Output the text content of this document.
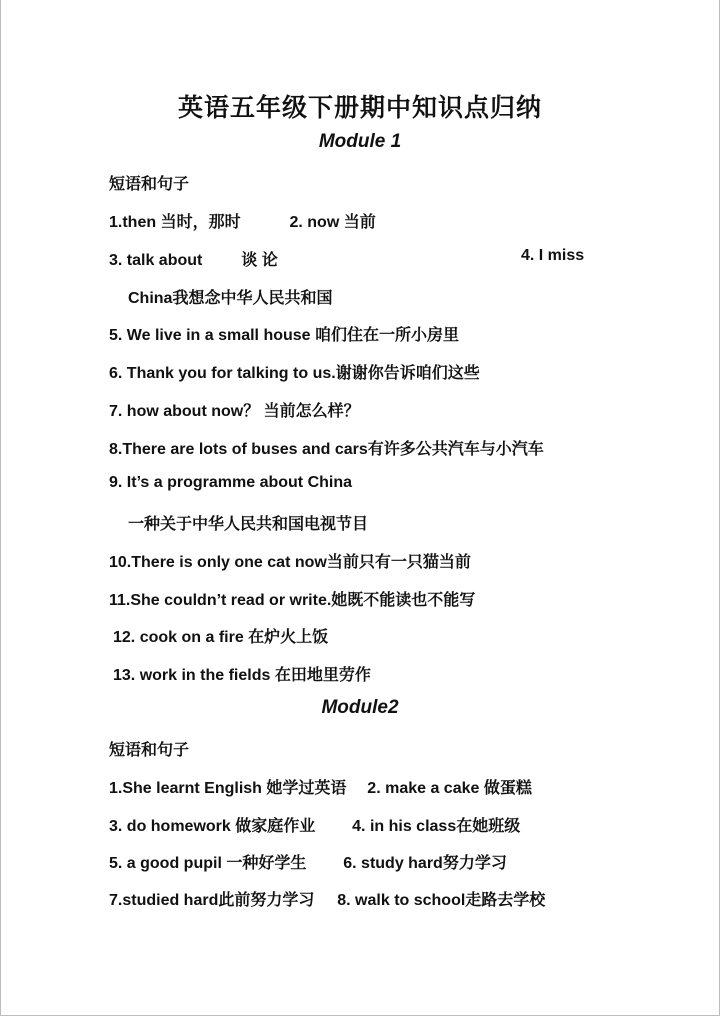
英语五年级下册期中知识点归纳
Module 1
短语和句子
1.then 当时，那时	2. now 当前
3. talk about 谈 论	4. I miss
China我想念中华人民共和国
5. We live in a small house 咱们住在一所小房里
6. Thank you for talking to us.谢谢你告诉咱们这些
7. how about now？ 当前怎么样？
8.There are lots of buses and cars有许多公共汽车与小汽车
9. It’s a programme about China
一种关于中华人民共和国电视节目
10.There is only one cat now当前只有一只猫当前
11.She couldn’t read or write.她既不能读也不能写
12. cook on a fire 在炉火上饭
13. work in the fields 在田地里劳作
Module2
短语和句子
1.She learnt English 她学过英语 2. make a cake 做蛋糕
3. do homework 做家庭作业 4. in his class在她班级
5. a good pupil 一种好学生 6. study hard努力学习
7.studied hard此前努力学习 8. walk to school走路去学校
